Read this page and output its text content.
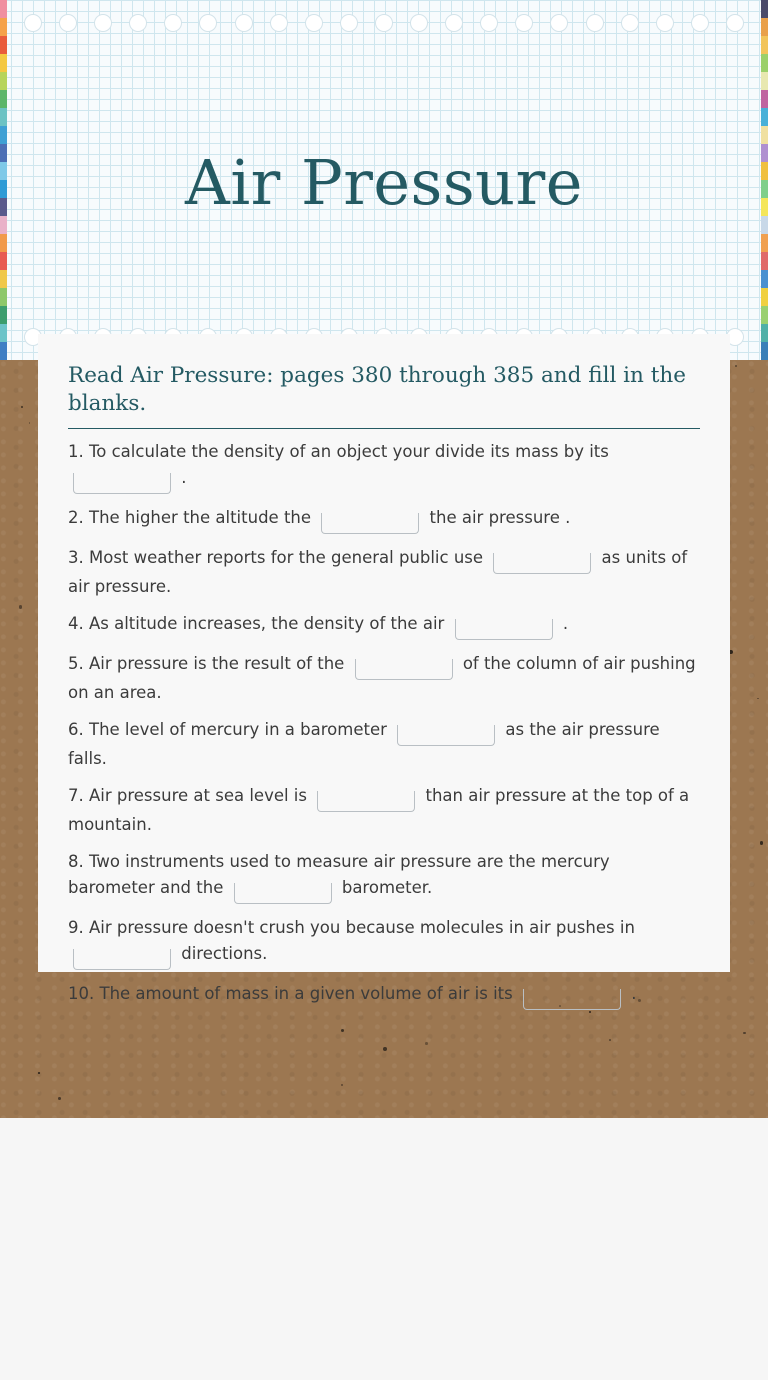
Air Pressure
Read Air Pressure: pages 380 through 385 and fill in the blanks.
1. To calculate the density of an object your divide its mass by its  .
2. The higher the altitude the	the air pressure .
3. Most weather reports for the general public use	as units of air pressure.
4. As altitude increases, the density of the air	.
5. Air pressure is the result of the	of the column of air pushing on an area.
6. The level of mercury in a barometer	as the air pressure falls.
7. Air pressure at sea level is	than air pressure at the top of a mountain.
8. Two instruments used to measure air pressure are the mercury barometer and the	barometer.
9. Air pressure doesn't crush you because molecules in air pushes in  directions.
10. The amount of mass in a given volume of air is its	.
